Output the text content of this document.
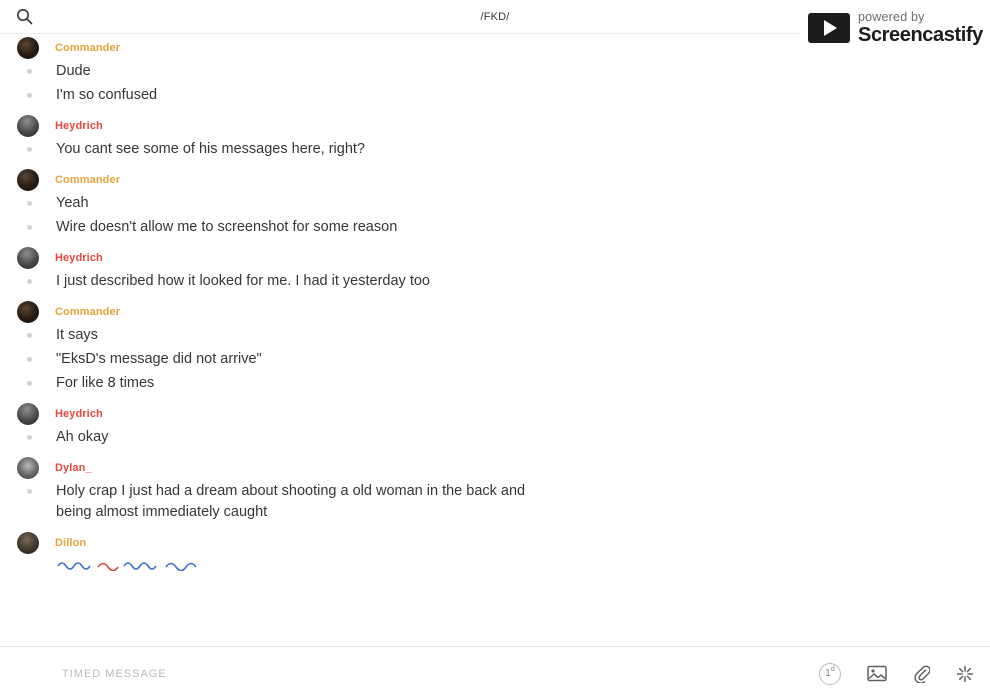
/FKD/	powered by
Screencastify
Commander
Dude
I'm so confused
Heydrich
You cant see some of his messages here, right?
Commander
Yeah
Wire doesn't allow me to screenshot for some reason
Heydrich
I just described how it looked for me. I had it yesterday too
Commander
It says
"EksD's message did not arrive"
For like 8 times
Heydrich
Ah okay
Dylan_
Holy crap I just had a dream about shooting a old woman in the back and being almost immediately caught
Dillon
TIMED MESSAGE	1$^d$
